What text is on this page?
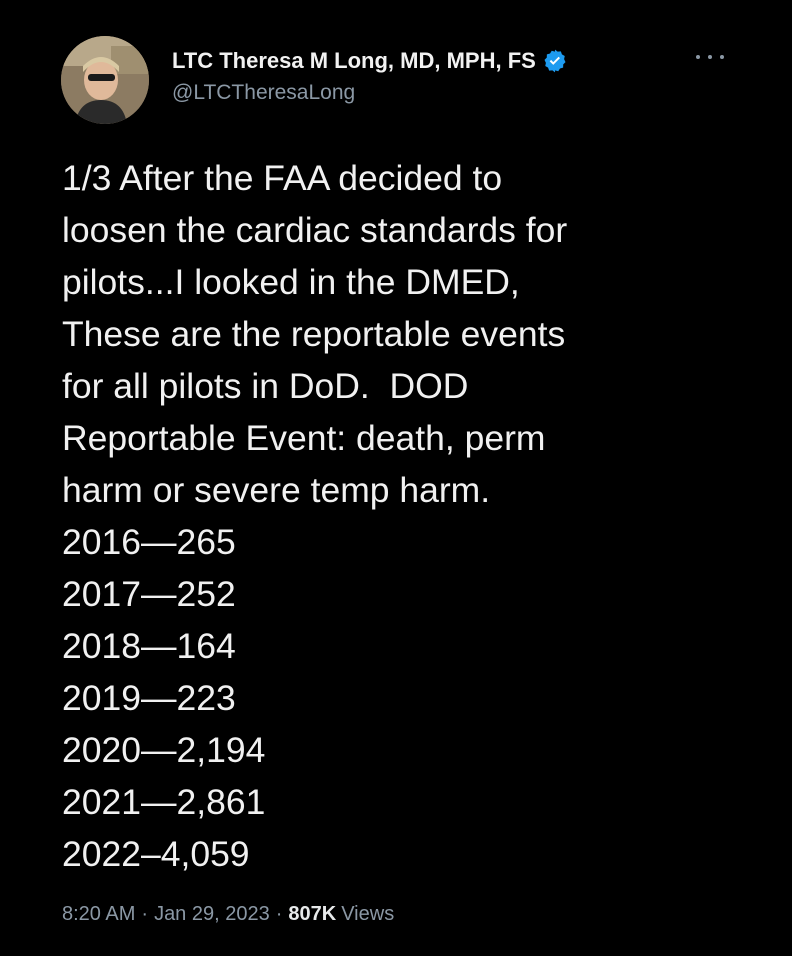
LTC Theresa M Long, MD, MPH, FS
@LTCTheresaLong
1/3 After the FAA decided to
loosen the cardiac standards for
pilots...I looked in the DMED,
These are the reportable events
for all pilots in DoD.  DOD
Reportable Event: death, perm
harm or severe temp harm.
2016—265
2017—252
2018—164
2019—223
2020—2,194
2021—2,861
2022–4,059
8:20 AM · Jan 29, 2023 · 807K Views
